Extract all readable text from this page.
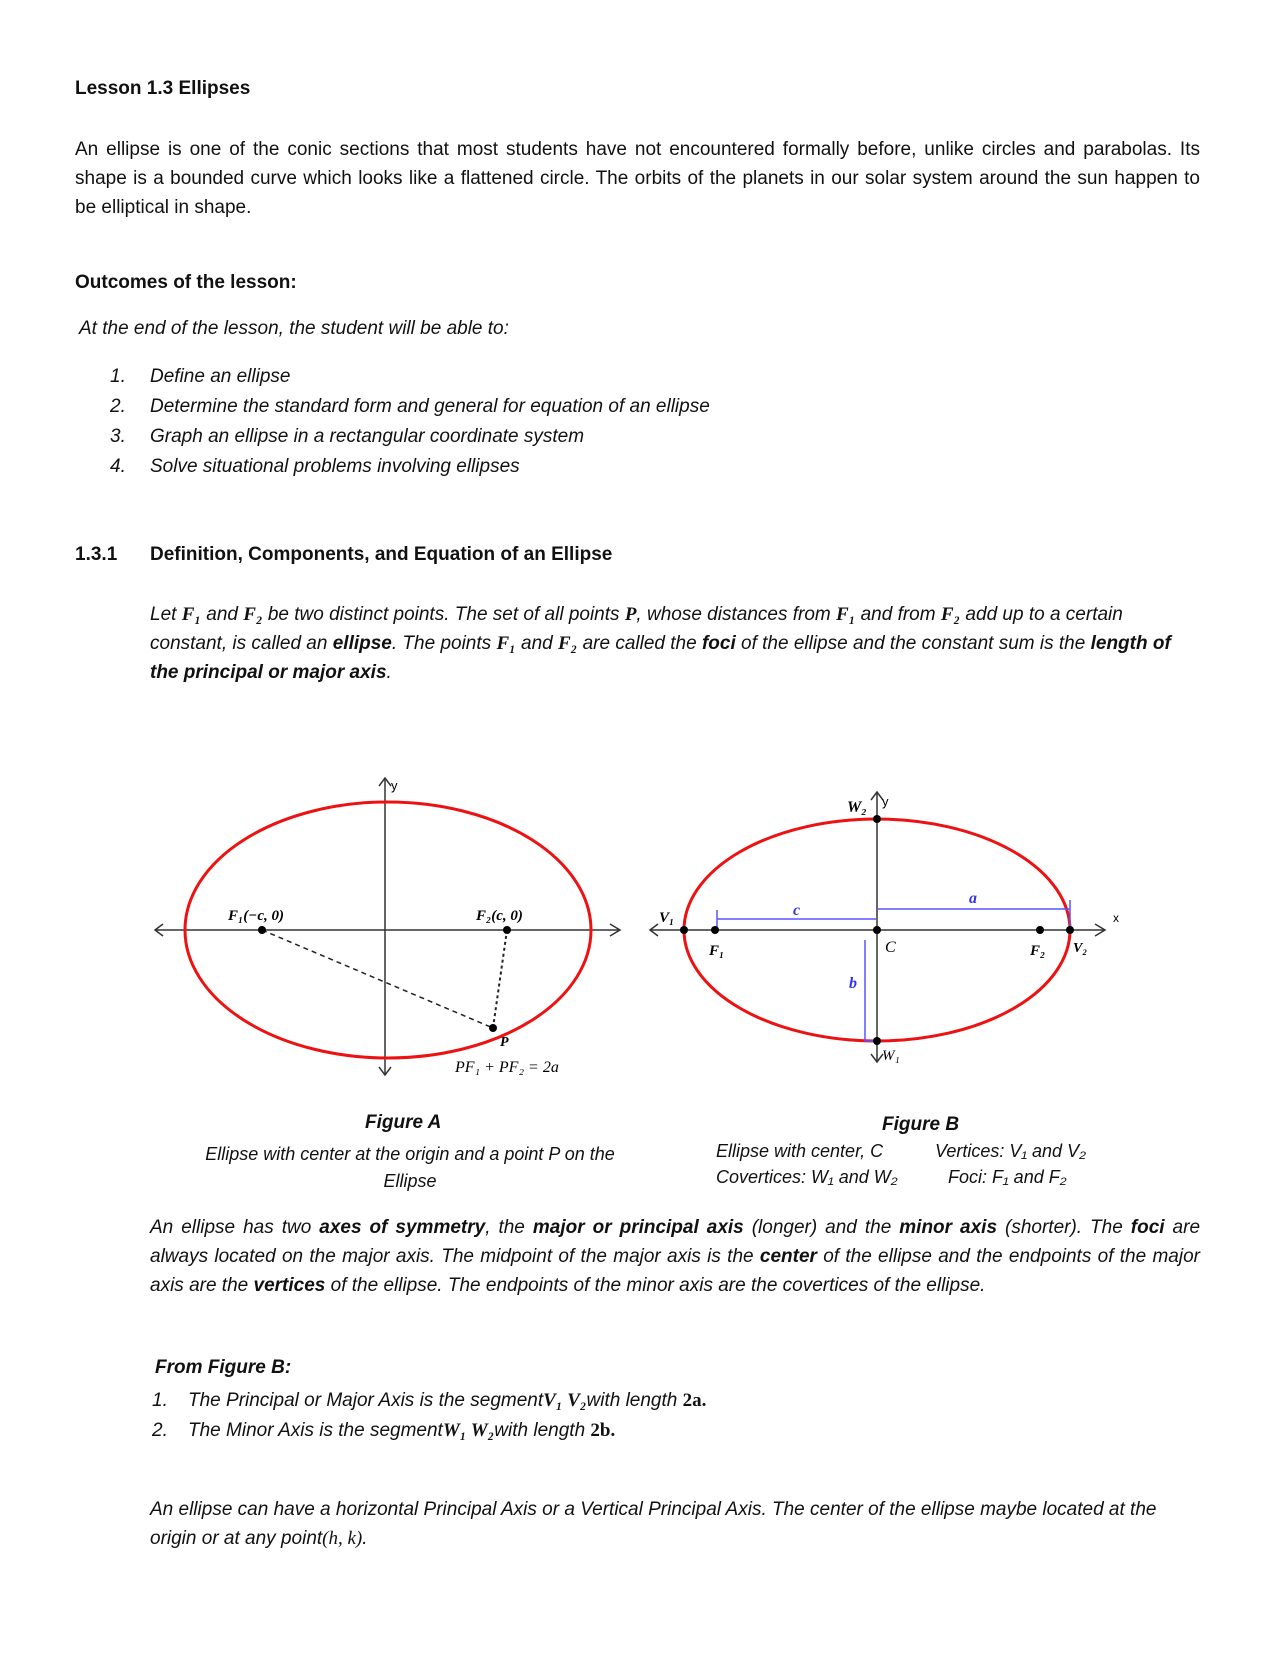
Lesson 1.3 Ellipses
An ellipse is one of the conic sections that most students have not encountered formally before, unlike circles and parabolas. Its shape is a bounded curve which looks like a flattened circle. The orbits of the planets in our solar system around the sun happen to be elliptical in shape.
Outcomes of the lesson:
At the end of the lesson, the student will be able to:
1.	Define an ellipse
2.	Determine the standard form and general for equation of an ellipse
3.	Graph an ellipse in a rectangular coordinate system
4.	Solve situational problems involving ellipses
1.3.1 Definition, Components, and Equation of an Ellipse
Let F₁ and F₂ be two distinct points. The set of all points P, whose distances from F₁ and from F₂ add up to a certain constant, is called an ellipse. The points F₁ and F₂ are called the foci of the ellipse and the constant sum is the length of the principal or major axis.
y
F₁(−c, 0)	F₂(c, 0)
P
PF₁ + PF₂ = 2a
y
W₂
W₁
V₁
V₂
F₁	F₂
C
a
c
b
x
Figure A
Ellipse with center at the origin and a point P on the Ellipse
Figure B
Ellipse with center, C	Vertices: V₁ and V₂
Covertices: W₁ and W₂	Foci: F₁ and F₂
An ellipse has two axes of symmetry, the major or principal axis (longer) and the minor axis (shorter). The foci are always located on the major axis. The midpoint of the major axis is the center of the ellipse and the endpoints of the major axis are the vertices of the ellipse. The endpoints of the minor axis are the covertices of the ellipse.
From Figure B:
1.	The Principal or Major Axis is the segment V₁ V₂ with length
2a.
2.	The Minor Axis is the segment W₁ W₂ with length
2b.
An ellipse can have a horizontal Principal Axis or a Vertical Principal Axis. The center of the ellipse maybe located at the origin or at any point(h, k).
